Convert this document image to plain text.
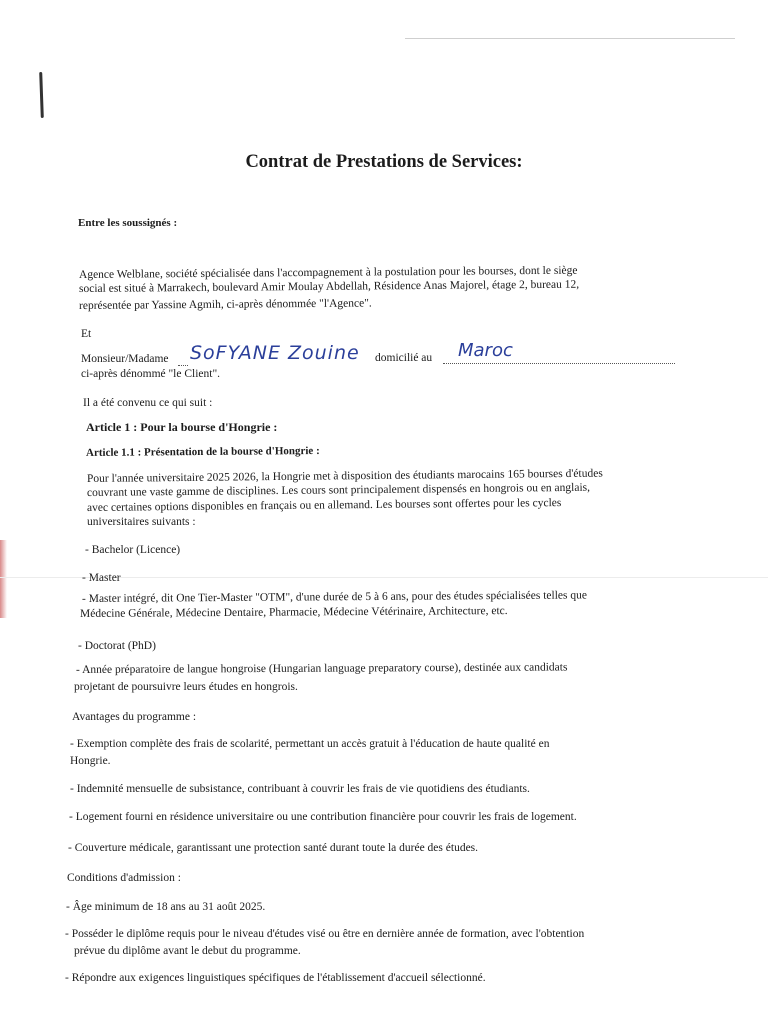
Contrat de Prestations de Services:

Entre les soussignés :

Agence Welblane, société spécialisée dans l'accompagnement à la postulation pour les bourses, dont le siège

social est situé à Marrakech, boulevard Amir Moulay Abdellah, Résidence Anas Majorel, étage 2, bureau 12,

représentée par Yassine Agmih, ci-après dénommée "l'Agence".

Et

Monsieur/Madame SoFYANE Zouine domicilié au Maroc

ci-après dénommé "le Client".

Il a été convenu ce qui suit :

Article 1 : Pour la bourse d'Hongrie :

Article 1.1 : Présentation de la bourse d'Hongrie :

Pour l'année universitaire 2025 2026, la Hongrie met à disposition des étudiants marocains 165 bourses d'études

couvrant une vaste gamme de disciplines. Les cours sont principalement dispensés en hongrois ou en anglais,

avec certaines options disponibles en français ou en allemand. Les bourses sont offertes pour les cycles

universitaires suivants :

- Bachelor (Licence)

- Master

- Master intégré, dit One Tier-Master "OTM", d'une durée de 5 à 6 ans, pour des études spécialisées telles que

Médecine Générale, Médecine Dentaire, Pharmacie, Médecine Vétérinaire, Architecture, etc.

- Doctorat (PhD)

- Année préparatoire de langue hongroise (Hungarian language preparatory course), destinée aux candidats

projetant de poursuivre leurs études en hongrois.

Avantages du programme :

- Exemption complète des frais de scolarité, permettant un accès gratuit à l'éducation de haute qualité en

Hongrie.

- Indemnité mensuelle de subsistance, contribuant à couvrir les frais de vie quotidiens des étudiants.

- Logement fourni en résidence universitaire ou une contribution financière pour couvrir les frais de logement.

- Couverture médicale, garantissant une protection santé durant toute la durée des études.

Conditions d'admission :

- Âge minimum de 18 ans au 31 août 2025.

- Posséder le diplôme requis pour le niveau d'études visé ou être en dernière année de formation, avec l'obtention

prévue du diplôme avant le debut du programme.

- Répondre aux exigences linguistiques spécifiques de l'établissement d'accueil sélectionné.
